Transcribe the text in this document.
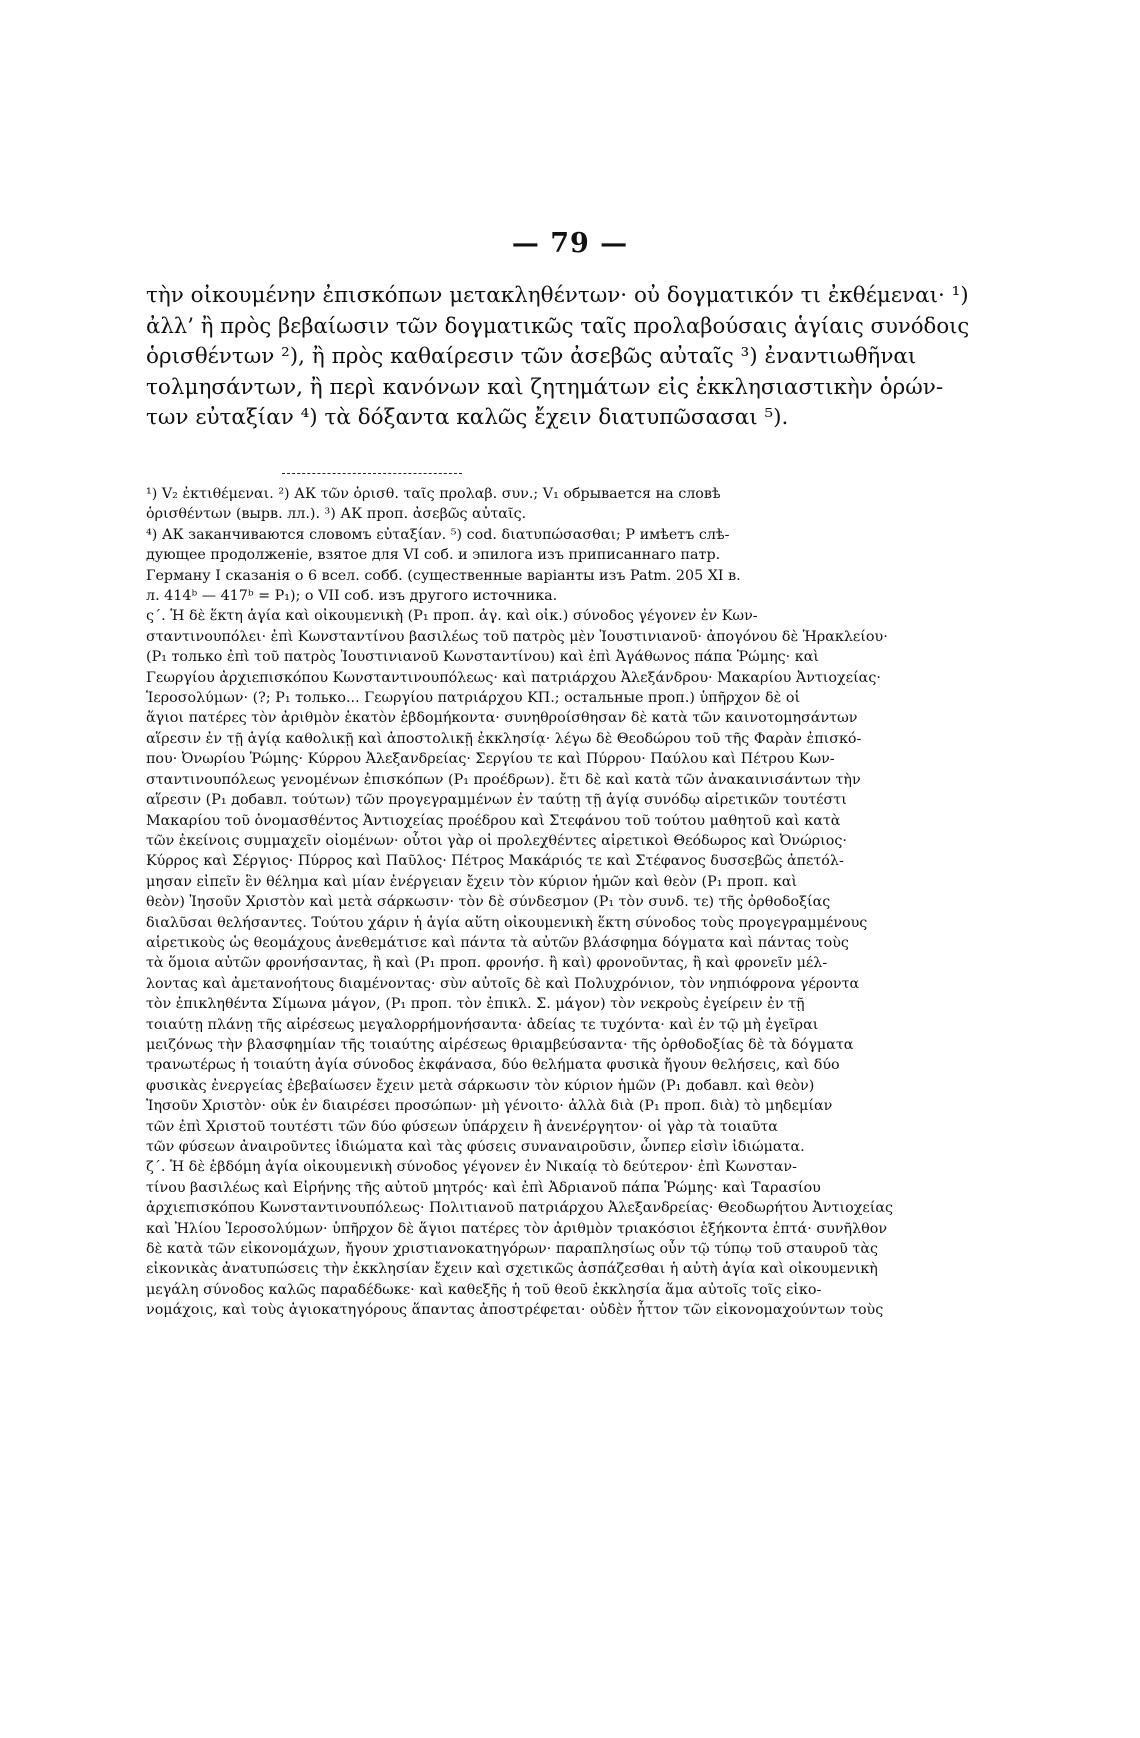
— 79 —
τὴν οἰκουμένην ἐπισκόπων μετακληθέντων· οὐ δογματικόν τι ἐκθέμεναι· ¹)
ἀλλ’ ἢ πρὸς βεβαίωσιν τῶν δογματικῶς ταῖς προλαβούσαις ἁγίαις συνόδοις
ὁρισθέντων ²), ἢ πρὸς καθαίρεσιν τῶν ἀσεβῶς αὐταῖς ³) ἐναντιωθῆναι
τολμησάντων, ἢ περὶ κανόνων καὶ ζητημάτων εἰς ἐκκλησιαστικὴν ὁρών-
των εὐταξίαν ⁴) τὰ δόξαντα καλῶς ἔχειν διατυπῶσασαι ⁵).
¹) V₂ ἐκτιθέμεναι. ²) АК τῶν ὁρισθ. ταῖς προλαβ. συν.; V₁ обрывается на словѣ
ὁρισθέντων (вырв. лл.). ³) АК проп. ἀσεβῶς αὐταῖς.
⁴) АК заканчиваются словомъ εὐταξίαν. ⁵) cod. διατυπώσασθαι; Р имѣетъ слѣ-
дующее продолженіе, взятое для VI соб. и эпилога изъ приписаннаго патр.
Герману I сказанія о 6 всел. собб. (существенные варіанты изъ Patm. 205 XI в.
л. 414ᵇ — 417ᵇ = P₁); о VII соб. изъ другого источника.
ς΄. Ἡ δὲ ἕκτη ἁγία καὶ οἰκουμενικὴ (P₁ проп. ἁγ. καὶ οἰκ.) σύνοδος γέγονεν ἐν Κων-
σταντινουπόλει· ἐπὶ Κωνσταντίνου βασιλέως τοῦ πατρὸς μὲν Ἰουστινιανοῦ· ἀπογόνου δὲ Ἡρακλείου·
(P₁ только ἐπὶ τοῦ πατρὸς Ἰουστινιανοῦ Κωνσταντίνου) καὶ ἐπὶ Ἀγάθωνος πάπα Ῥώμης· καὶ
Γεωργίου ἀρχιεπισκόπου Κωνσταντινουπόλεως· καὶ πατριάρχου Ἀλεξάνδρου· Μακαρίου Ἀντιοχείας·
Ἱεροσολύμων· (?; P₁ только... Γεωργίου πατριάρχου ΚΠ.; остальные проп.) ὑπῆρχον δὲ οἱ
ἅγιοι πατέρες τὸν ἀριθμὸν ἑκατὸν ἑβδομήκοντα· συνηθροίσθησαν δὲ κατὰ τῶν καινοτομησάντων
αἵρεσιν ἐν τῇ ἁγίᾳ καθολικῇ καὶ ἀποστολικῇ ἐκκλησίᾳ· λέγω δὲ Θεοδώρου τοῦ τῆς Φαρὰν ἐπισκό-
που· Ὀνωρίου Ῥώμης· Κύρρου Ἀλεξανδρείας· Σεργίου τε καὶ Πύρρου· Παύλου καὶ Πέτρου Κων-
σταντινουπόλεως γενομένων ἐπισκόπων (P₁ προέδρων). ἔτι δὲ καὶ κατὰ τῶν ἀνακαινισάντων τὴν
αἵρεσιν (P₁ добавл. τούτων) τῶν προγεγραμμένων ἐν ταύτῃ τῇ ἁγίᾳ συνόδῳ αἱρετικῶν τουτέστι
Μακαρίου τοῦ ὀνομασθέντος Ἀντιοχείας προέδρου καὶ Στεφάνου τοῦ τούτου μαθητοῦ καὶ κατὰ
τῶν ἐκείνοις συμμαχεῖν οἰομένων· οὗτοι γὰρ οἱ προλεχθέντες αἱρετικοὶ Θεόδωρος καὶ Ὀνώριος·
Κύρρος καὶ Σέργιος· Πύρρος καὶ Παῦλος· Πέτρος Μακάριός τε καὶ Στέφανος δυσσεβῶς ἀπετόλ-
μησαν εἰπεῖν ἓν θέλημα καὶ μίαν ἐνέργειαν ἔχειν τὸν κύριον ἡμῶν καὶ θεὸν (P₁ проп. καὶ
θεὸν) Ἰησοῦν Χριστὸν καὶ μετὰ σάρκωσιν· τὸν δὲ σύνδεσμον (P₁ τὸν συνδ. τε) τῆς ὀρθοδοξίας
διαλῦσαι θελήσαντες. Τούτου χάριν ἡ ἁγία αὕτη οἰκουμενικὴ ἕκτη σύνοδος τοὺς προγεγραμμένους
αἱρετικοὺς ὡς θεομάχους ἀνεθεμάτισε καὶ πάντα τὰ αὐτῶν βλάσφημα δόγματα καὶ πάντας τοὺς
τὰ ὅμοια αὐτῶν φρονήσαντας, ἢ καὶ (P₁ проп. φρονήσ. ἢ καὶ) φρονοῦντας, ἢ καὶ φρονεῖν μέλ-
λοντας καὶ ἀμετανοήτους διαμένοντας· σὺν αὐτοῖς δὲ καὶ Πολυχρόνιον, τὸν νηπιόφρονα γέροντα
τὸν ἐπικληθέντα Σίμωνα μάγον, (P₁ проп. τὸν ἐπικλ. Σ. μάγον) τὸν νεκροὺς ἐγείρειν ἐν τῇ
τοιαύτῃ πλάνῃ τῆς αἱρέσεως μεγαλορρήμονήσαντα· ἀδείας τε τυχόντα· καὶ ἐν τῷ μὴ ἐγεῖραι
μειζόνως τὴν βλασφημίαν τῆς τοιαύτης αἱρέσεως θριαμβεύσαντα· τῆς ὀρθοδοξίας δὲ τὰ δόγματα
τρανωτέρως ἡ τοιαύτη ἁγία σύνοδος ἐκφάνασα, δύο θελήματα φυσικὰ ἤγουν θελήσεις, καὶ δύο
φυσικὰς ἐνεργείας ἐβεβαίωσεν ἔχειν μετὰ σάρκωσιν τὸν κύριον ἡμῶν (P₁ добавл. καὶ θεὸν)
Ἰησοῦν Χριστὸν· οὐκ ἐν διαιρέσει προσώπων· μὴ γένοιτο· ἀλλὰ διὰ (P₁ проп. διὰ) τὸ μηδεμίαν
τῶν ἐπὶ Χριστοῦ τουτέστι τῶν δύο φύσεων ὑπάρχειν ἢ ἀνενέργητον· οἱ γὰρ τὰ τοιαῦτα
τῶν φύσεων ἀναιροῦντες ἰδιώματα καὶ τὰς φύσεις συναναιροῦσιν, ὧνπερ εἰσὶν ἰδιώματα.
ζ΄. Ἡ δὲ ἑβδόμη ἁγία οἰκουμενικὴ σύνοδος γέγονεν ἐν Νικαίᾳ τὸ δεύτερον· ἐπὶ Κωνσταν-
τίνου βασιλέως καὶ Εἰρήνης τῆς αὐτοῦ μητρός· καὶ ἐπὶ Ἀδριανοῦ πάπα Ῥώμης· καὶ Ταρασίου
ἀρχιεπισκόπου Κωνσταντινουπόλεως· Πολιτιανοῦ πατριάρχου Ἀλεξανδρείας· Θεοδωρήτου Ἀντιοχείας
καὶ Ἠλίου Ἱεροσολύμων· ὑπῆρχον δὲ ἅγιοι πατέρες τὸν ἀριθμὸν τριακόσιοι ἑξήκοντα ἑπτά· συνῆλθον
δὲ κατὰ τῶν εἰκονομάχων, ἤγουν χριστιανοκατηγόρων· παραπλησίως οὖν τῷ τύπῳ τοῦ σταυροῦ τὰς
εἰκονικὰς ἀνατυπώσεις τὴν ἐκκλησίαν ἔχειν καὶ σχετικῶς ἀσπάζεσθαι ἡ αὐτὴ ἁγία καὶ οἰκουμενικὴ
μεγάλη σύνοδος καλῶς παραδέδωκε· καὶ καθεξῆς ἡ τοῦ θεοῦ ἐκκλησία ἅμα αὐτοῖς τοῖς εἰκο-
νομάχοις, καὶ τοὺς ἁγιοκατηγόρους ἅπαντας ἀποστρέφεται· οὐδὲν ἧττον τῶν εἰκονομαχούντων τοὺς
